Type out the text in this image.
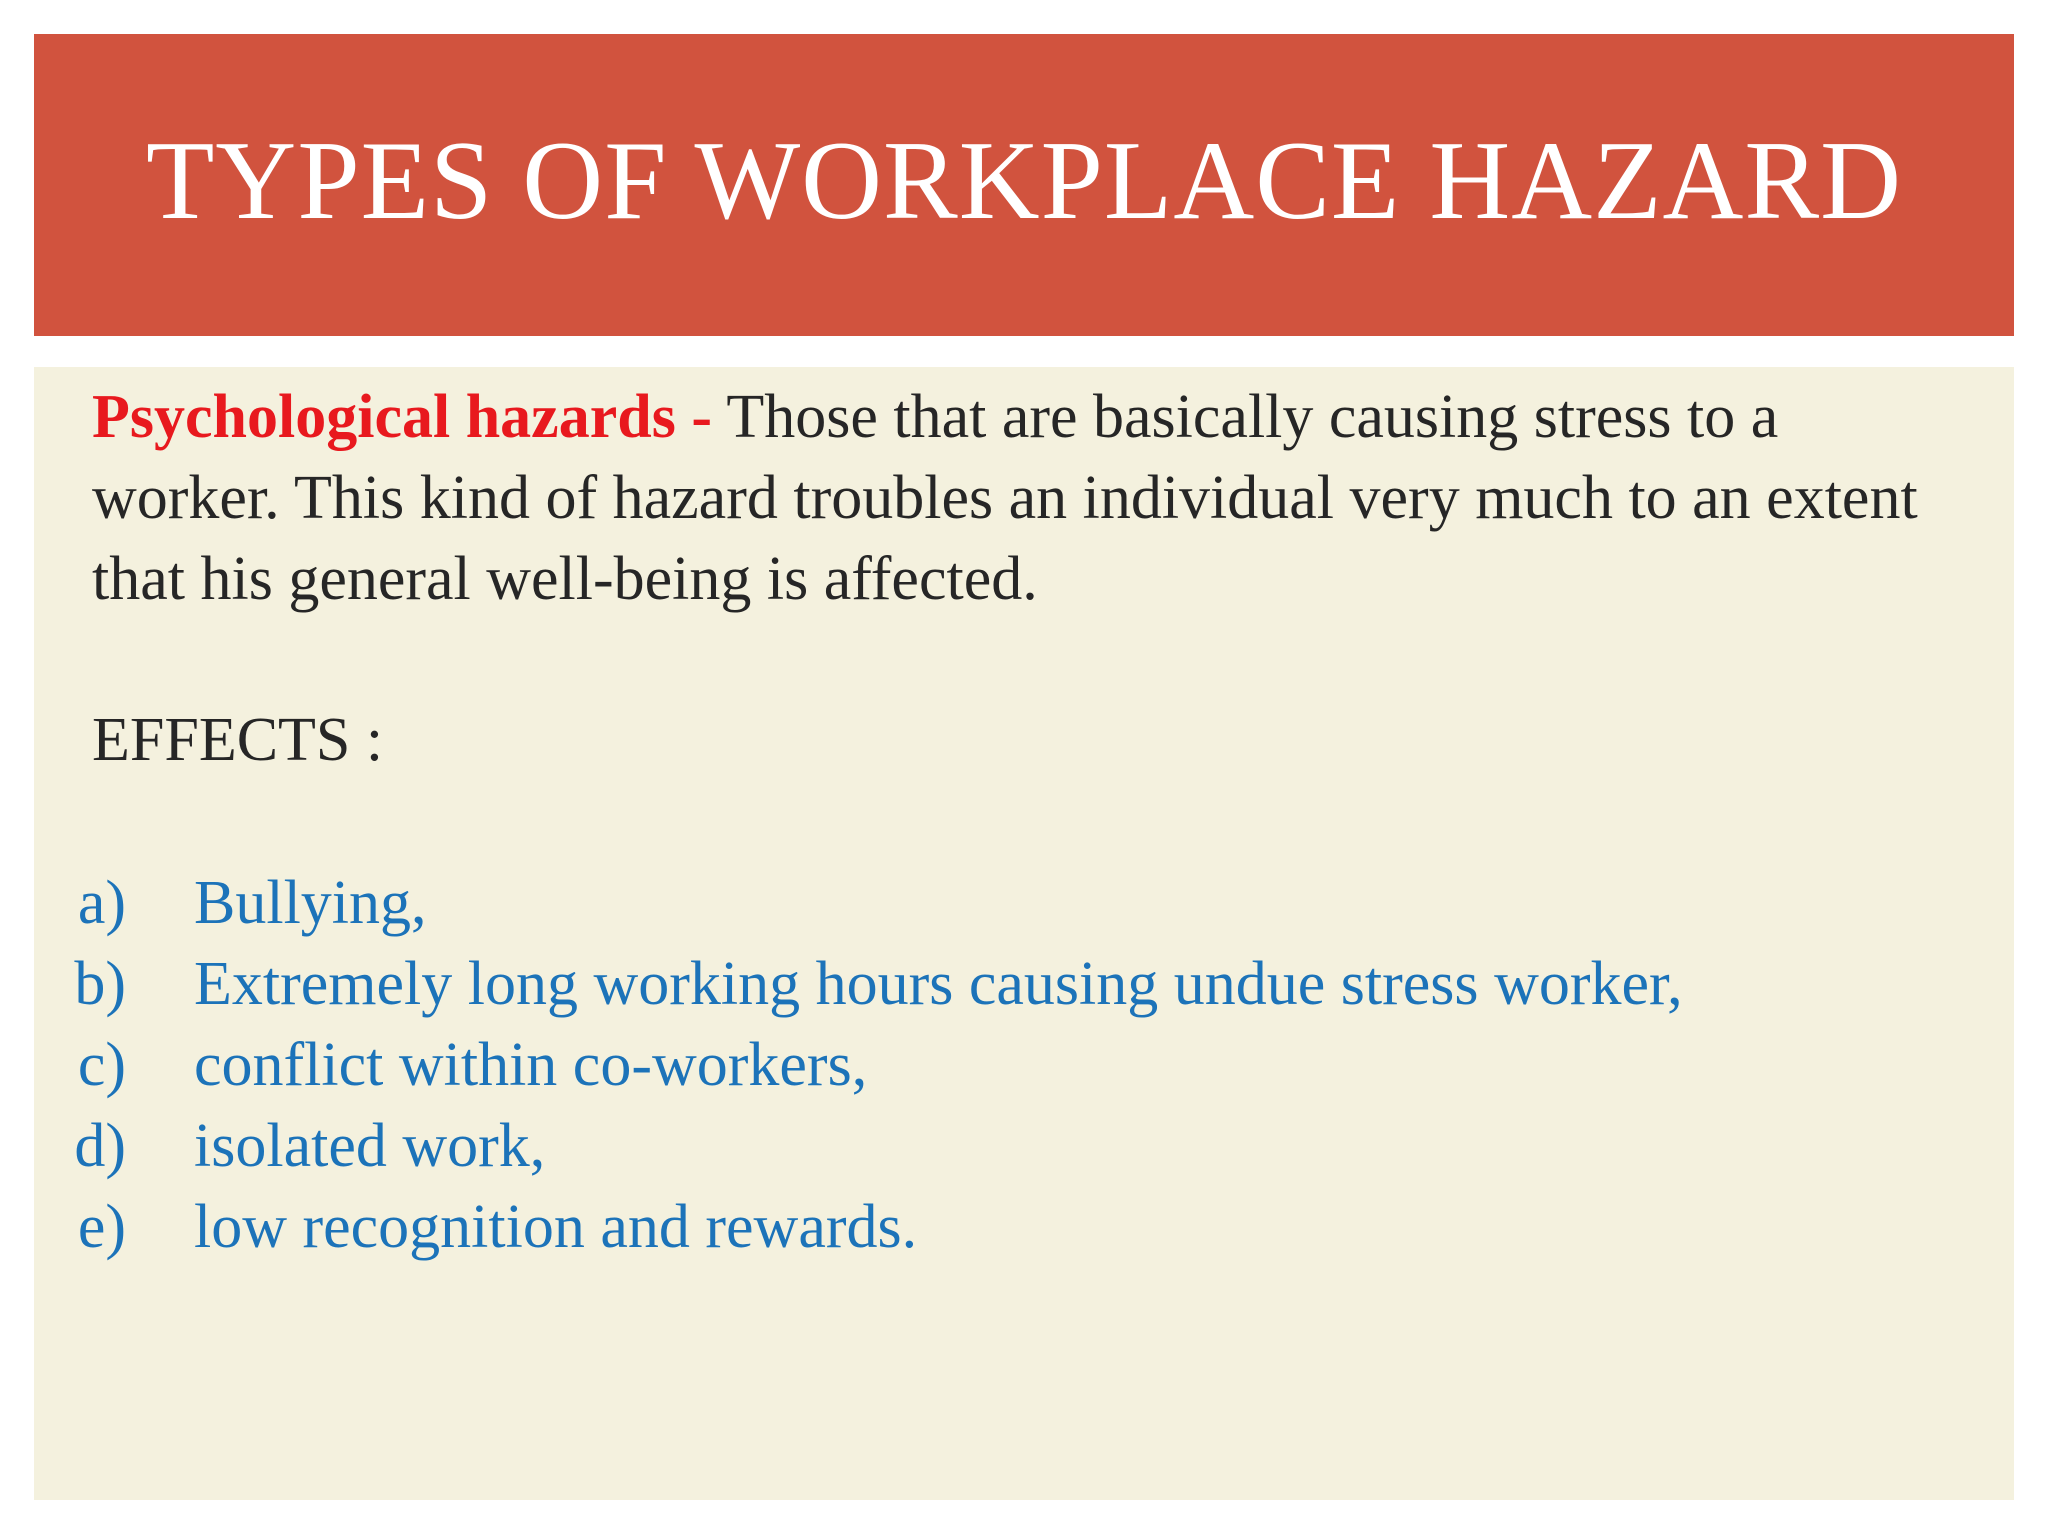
TYPES OF WORKPLACE HAZARD
Psychological hazards - Those that are basically causing stress to a worker. This kind of hazard troubles an individual very much to an extent that his general well-being is affected.
EFFECTS :
a) Bullying,
b) Extremely long working hours causing undue stress worker,
c) conflict within co-workers,
d) isolated work,
e) low recognition and rewards.
